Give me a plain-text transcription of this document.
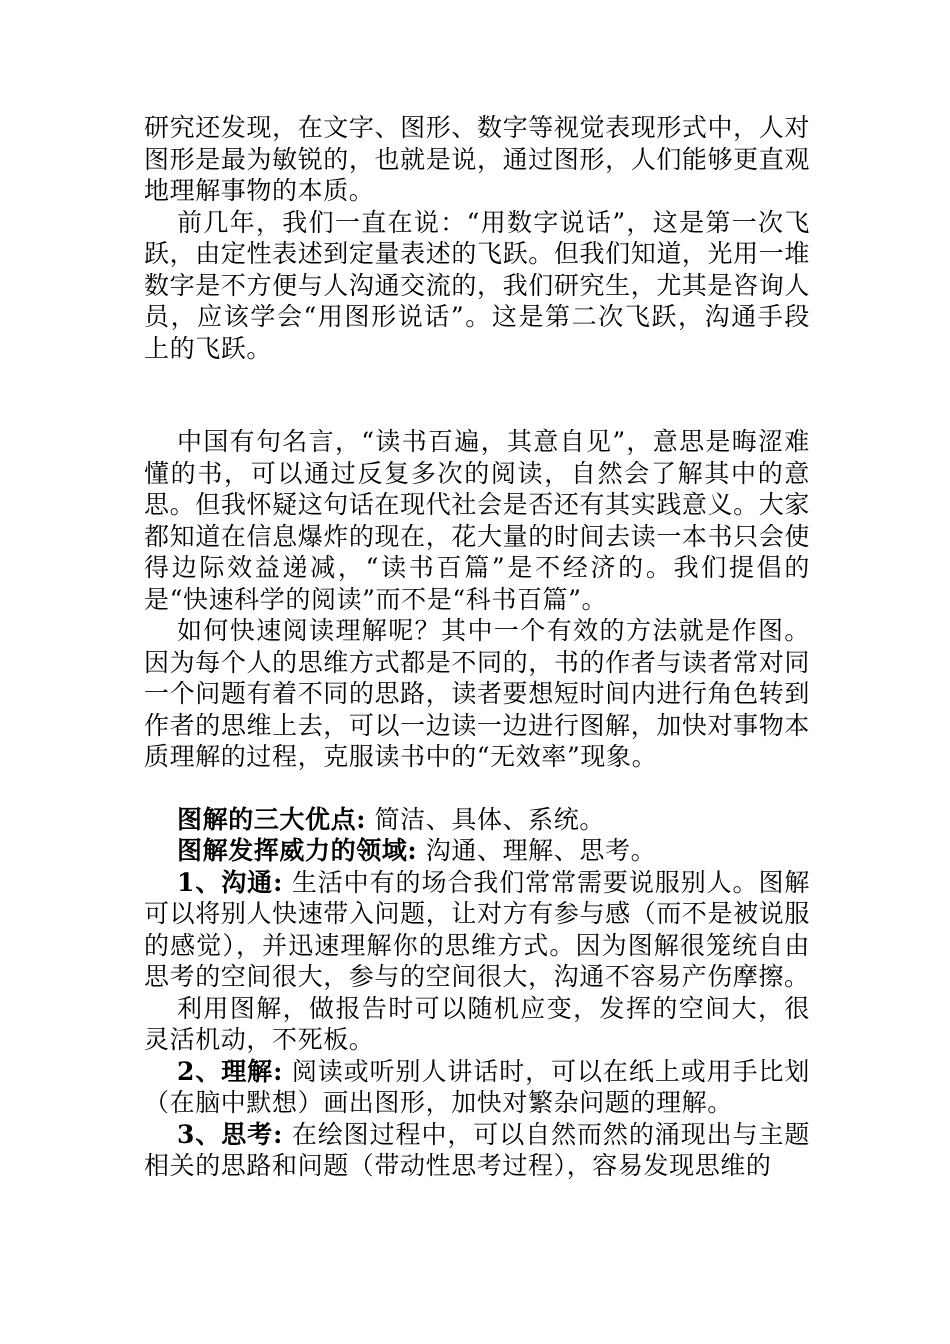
研究还发现，在文字、图形、数字等视觉表现形式中，人对图形是最为敏锐的，也就是说，通过图形，人们能够更直观地理解事物的本质。

前几年，我们一直在说：“用数字说话”，这是第一次飞跃，由定性表述到定量表述的飞跃。但我们知道，光用一堆数字是不方便与人沟通交流的，我们研究生，尤其是咨询人员，应该学会“用图形说话”。这是第二次飞跃，沟通手段上的飞跃。

中国有句名言，“读书百遍，其意自见”，意思是晦涩难懂的书，可以通过反复多次的阅读，自然会了解其中的意思。但我怀疑这句话在现代社会是否还有其实践意义。大家都知道在信息爆炸的现在，花大量的时间去读一本书只会使得边际效益递减，“读书百篇”是不经济的。我们提倡的是“快速科学的阅读”而不是“科书百篇”。

如何快速阅读理解呢？其中一个有效的方法就是作图。因为每个人的思维方式都是不同的，书的作者与读者常对同一个问题有着不同的思路，读者要想短时间内进行角色转到作者的思维上去，可以一边读一边进行图解，加快对事物本质理解的过程，克服读书中的“无效率”现象。

图解的三大优点: 简洁、具体、系统。

图解发挥威力的领域: 沟通、理解、思考。

1、沟通: 生活中有的场合我们常常需要说服别人。图解可以将别人快速带入问题，让对方有参与感（而不是被说服的感觉），并迅速理解你的思维方式。因为图解很笼统自由思考的空间很大，参与的空间很大，沟通不容易产伤摩擦。

利用图解，做报告时可以随机应变，发挥的空间大，很灵活机动，不死板。

2、理解: 阅读或听别人讲话时，可以在纸上或用手比划（在脑中默想）画出图形，加快对繁杂问题的理解。

3、思考: 在绘图过程中，可以自然而然的涌现出与主题相关的思路和问题（带动性思考过程），容易发现思维的
